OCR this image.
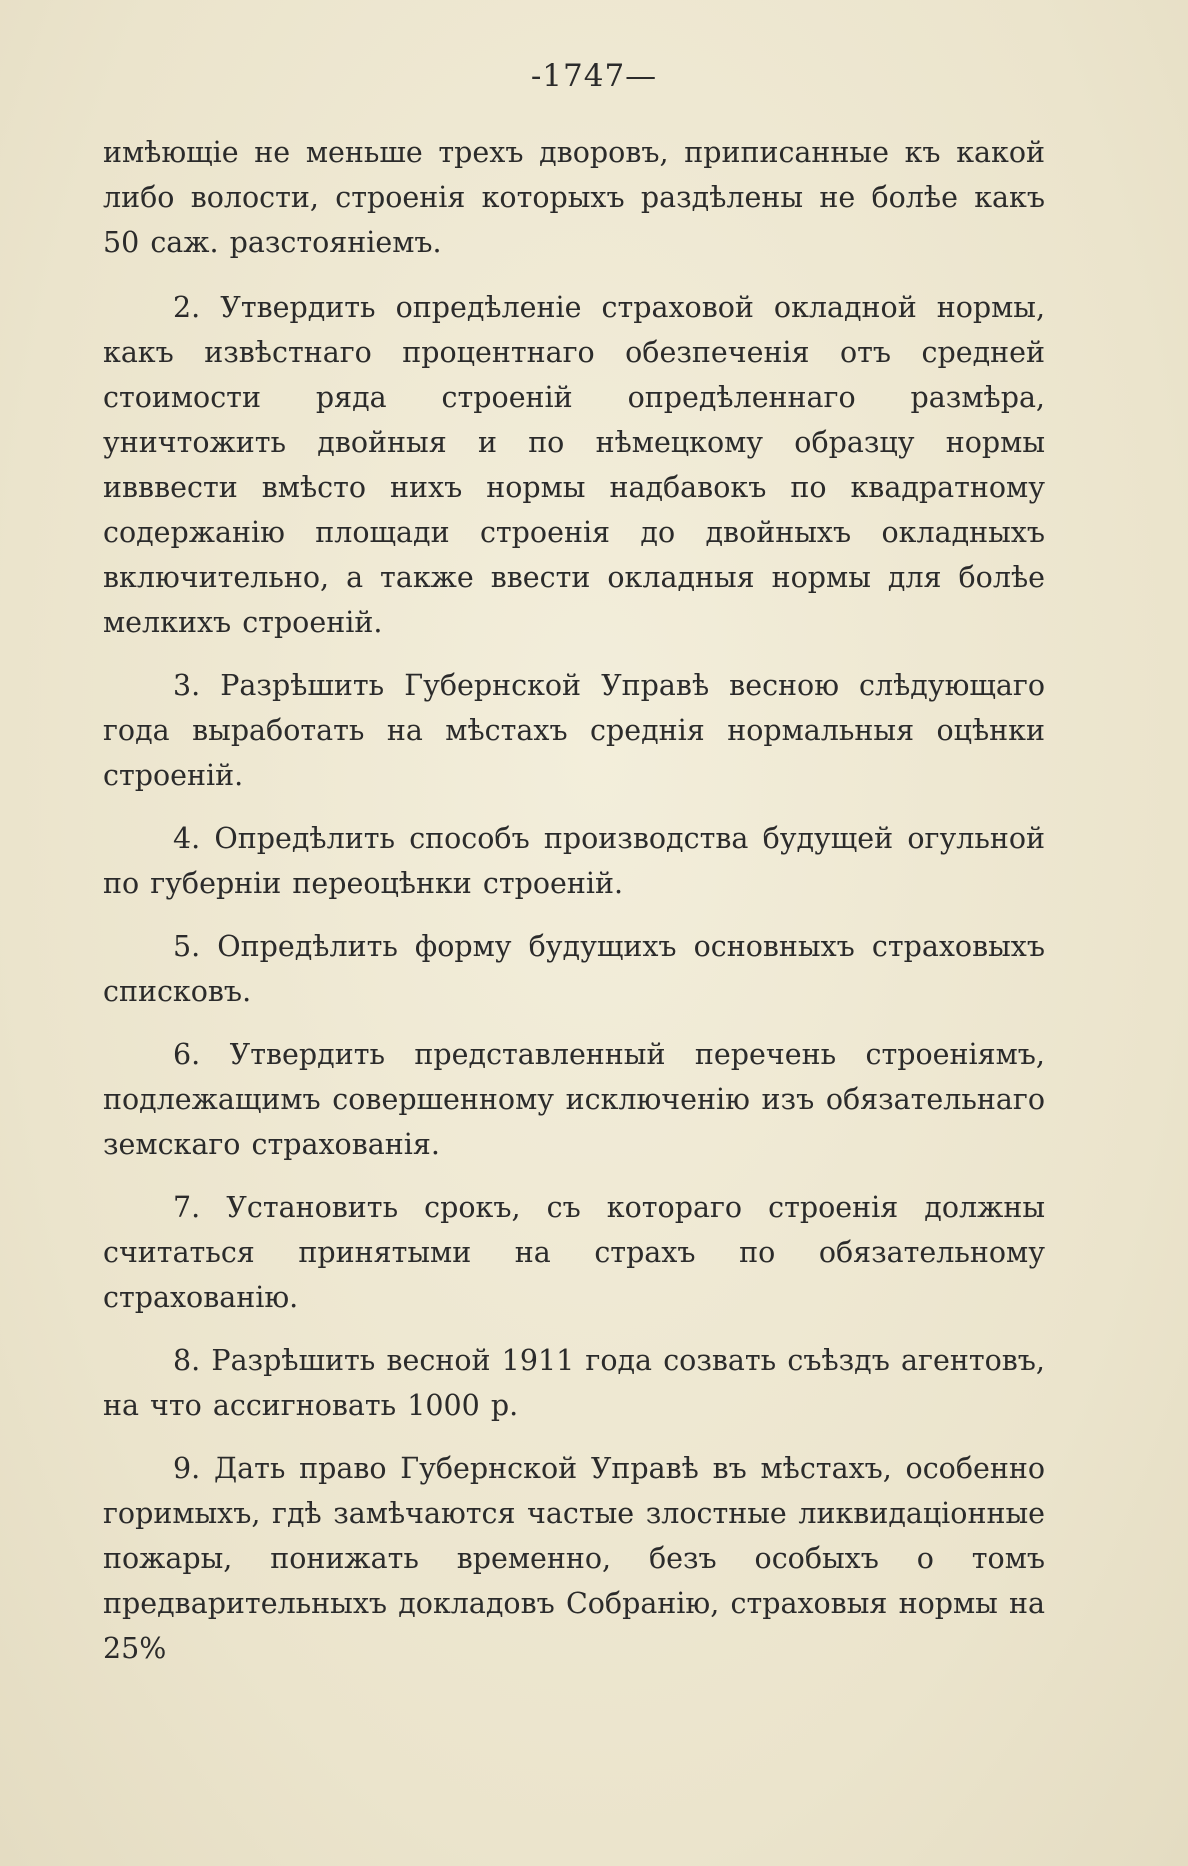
-1747—

имѣющіе не меньше трехъ дворовъ, приписанные къ какой либо волости, строенія которыхъ раздѣлены не болѣе какъ 50 саж. разстояніемъ.

2. Утвердить опредѣленіе страховой окладной нормы, какъ извѣстнаго процентнаго обезпеченія отъ средней стоимости ряда строеній опредѣленнаго размѣра, уничтожить двойныя и по нѣмецкому образцу нормы ивввести вмѣсто нихъ нормы надбавокъ по квадратному содержанію площади строенія до двойныхъ окладныхъ включительно, а также ввести окладныя нормы для болѣе мелкихъ строеній.

3. Разрѣшить Губернской Управѣ весною слѣдующаго года выработать на мѣстахъ среднія нормальныя оцѣнки строеній.

4. Опредѣлить способъ производства будущей огульной по губерніи переоцѣнки строеній.

5. Опредѣлить форму будущихъ основныхъ страховыхъ списковъ.

6. Утвердить представленный перечень строеніямъ, подлежащимъ совершенному исключенію изъ обязательнаго земскаго страхованія.

7. Установить срокъ, съ котораго строенія должны считаться принятыми на страхъ по обязательному страхованію.

8. Разрѣшить весной 1911 года созвать съѣздъ агентовъ, на что ассигновать 1000 р.

9. Дать право Губернской Управѣ въ мѣстахъ, особенно горимыхъ, гдѣ замѣчаются частые злостные ликвидаціонные пожары, понижать временно, безъ особыхъ о томъ предварительныхъ докладовъ Собранію, страховыя нормы на 25%
